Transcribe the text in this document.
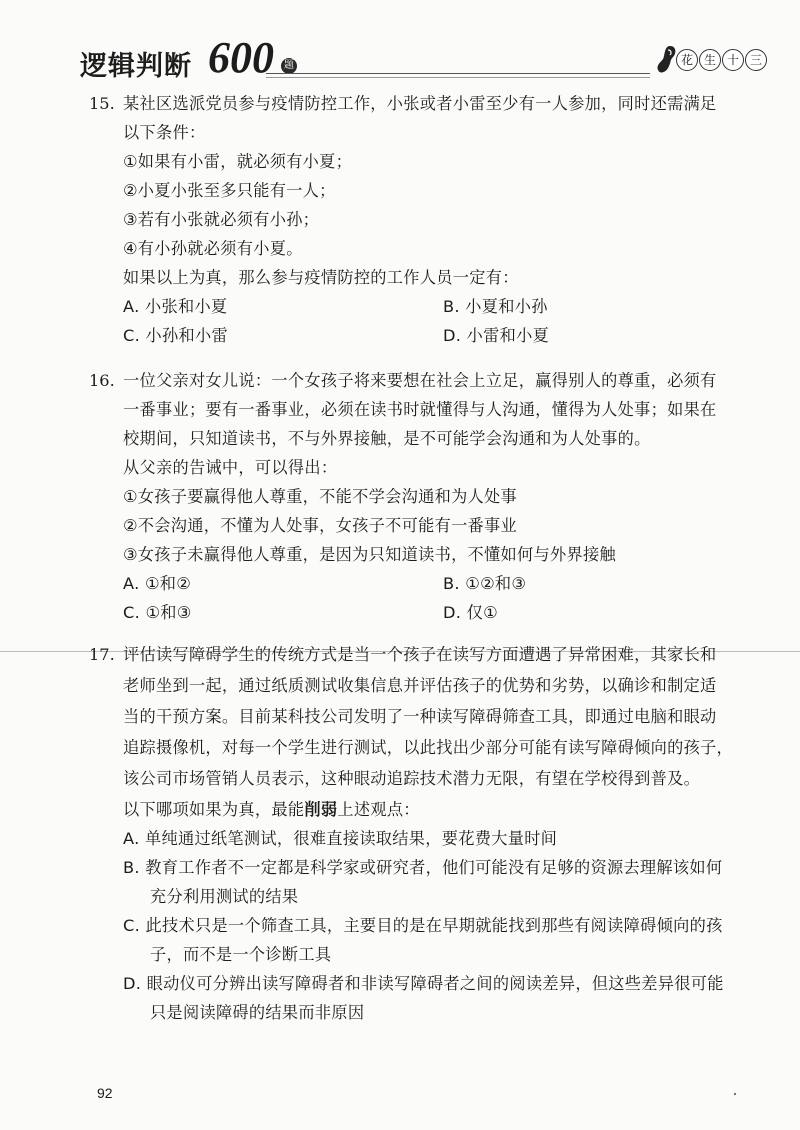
逻辑判断 600	题	花 生 十 三
15. 某社区选派党员参与疫情防控工作，小张或者小雷至少有一人参加，同时还需满足
以下条件：
①如果有小雷，就必须有小夏；
②小夏小张至多只能有一人；
③若有小张就必须有小孙；
④有小孙就必须有小夏。
如果以上为真，那么参与疫情防控的工作人员一定有：
A. 小张和小夏	B. 小夏和小孙
C. 小孙和小雷	D. 小雷和小夏
16. 一位父亲对女儿说：一个女孩子将来要想在社会上立足，赢得别人的尊重，必须有
一番事业；要有一番事业，必须在读书时就懂得与人沟通，懂得为人处事；如果在
校期间，只知道读书，不与外界接触，是不可能学会沟通和为人处事的。
从父亲的告诫中，可以得出：
①女孩子要赢得他人尊重，不能不学会沟通和为人处事
②不会沟通，不懂为人处事，女孩子不可能有一番事业
③女孩子未赢得他人尊重，是因为只知道读书，不懂如何与外界接触
A. ①和②	B. ①②和③
C. ①和③	D. 仅①
17. 评估读写障碍学生的传统方式是当一个孩子在读写方面遭遇了异常困难，其家长和
老师坐到一起，通过纸质测试收集信息并评估孩子的优势和劣势，以确诊和制定适
当的干预方案。目前某科技公司发明了一种读写障碍筛查工具，即通过电脑和眼动
追踪摄像机，对每一个学生进行测试，以此找出少部分可能有读写障碍倾向的孩子，
该公司市场管销人员表示，这种眼动追踪技术潜力无限，有望在学校得到普及。
以下哪项如果为真，最能削弱上述观点：
A. 单纯通过纸笔测试，很难直接读取结果，要花费大量时间
B. 教育工作者不一定都是科学家或研究者，他们可能没有足够的资源去理解该如何
充分利用测试的结果
C. 此技术只是一个筛查工具，主要目的是在早期就能找到那些有阅读障碍倾向的孩
子，而不是一个诊断工具
D. 眼动仪可分辨出读写障碍者和非读写障碍者之间的阅读差异，但这些差异很可能
只是阅读障碍的结果而非原因
92
